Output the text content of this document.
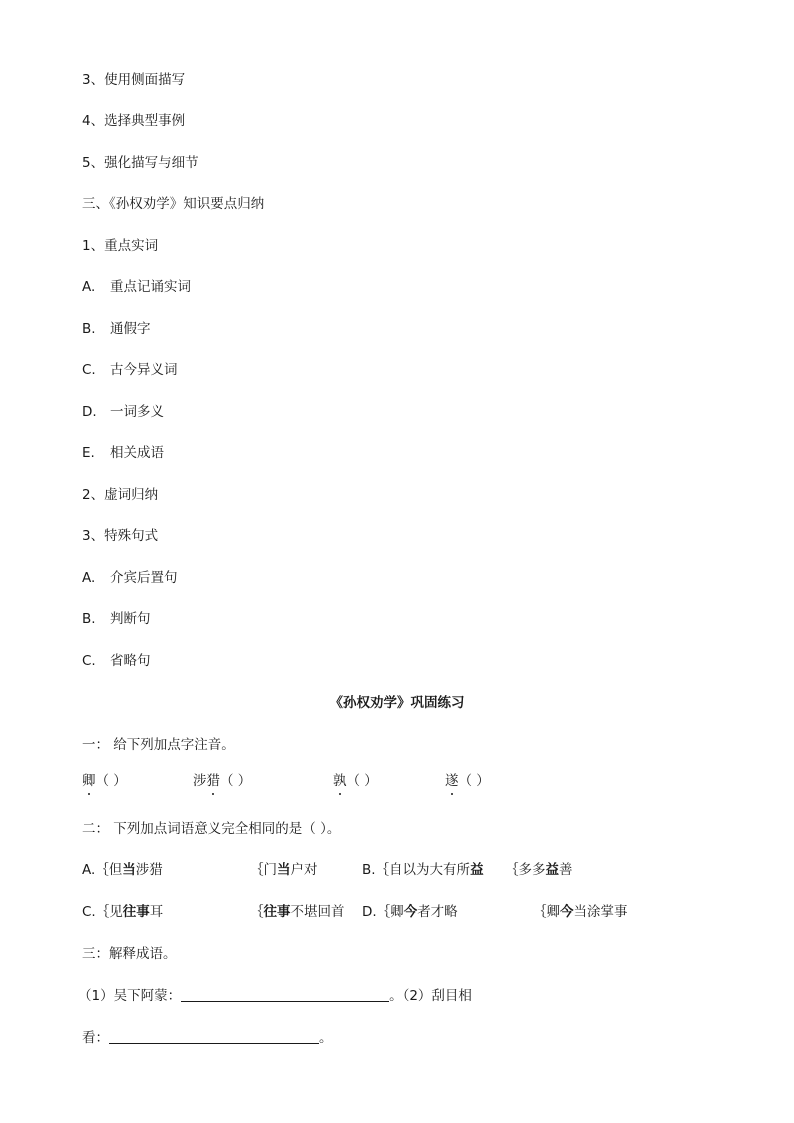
3、使用侧面描写
4、选择典型事例
5、强化描写与细节
三、《孙权劝学》知识要点归纳
1、重点实词
A. 重点记诵实词
B. 通假字
C. 古今异义词
D. 一词多义
E. 相关成语
2、虚词归纳
3、特殊句式
A. 介宾后置句
B. 判断句
C. 省略句
《孙权劝学》巩固练习
一： 给下列加点字注音。
卿（ ）	涉猎（ ）	孰（ ）	遂（ ）
二： 下列加点词语意义完全相同的是（ ）。
A.｛但当涉猎	｛门当户对	B.｛自以为大有所益 ｛多多益善
C.｛见往事耳	｛往事不堪回首 D.｛卿今者才略	｛卿今当涂掌事
三：解释成语。
（1）吴下阿蒙：	。（2）刮目相
看：	。
